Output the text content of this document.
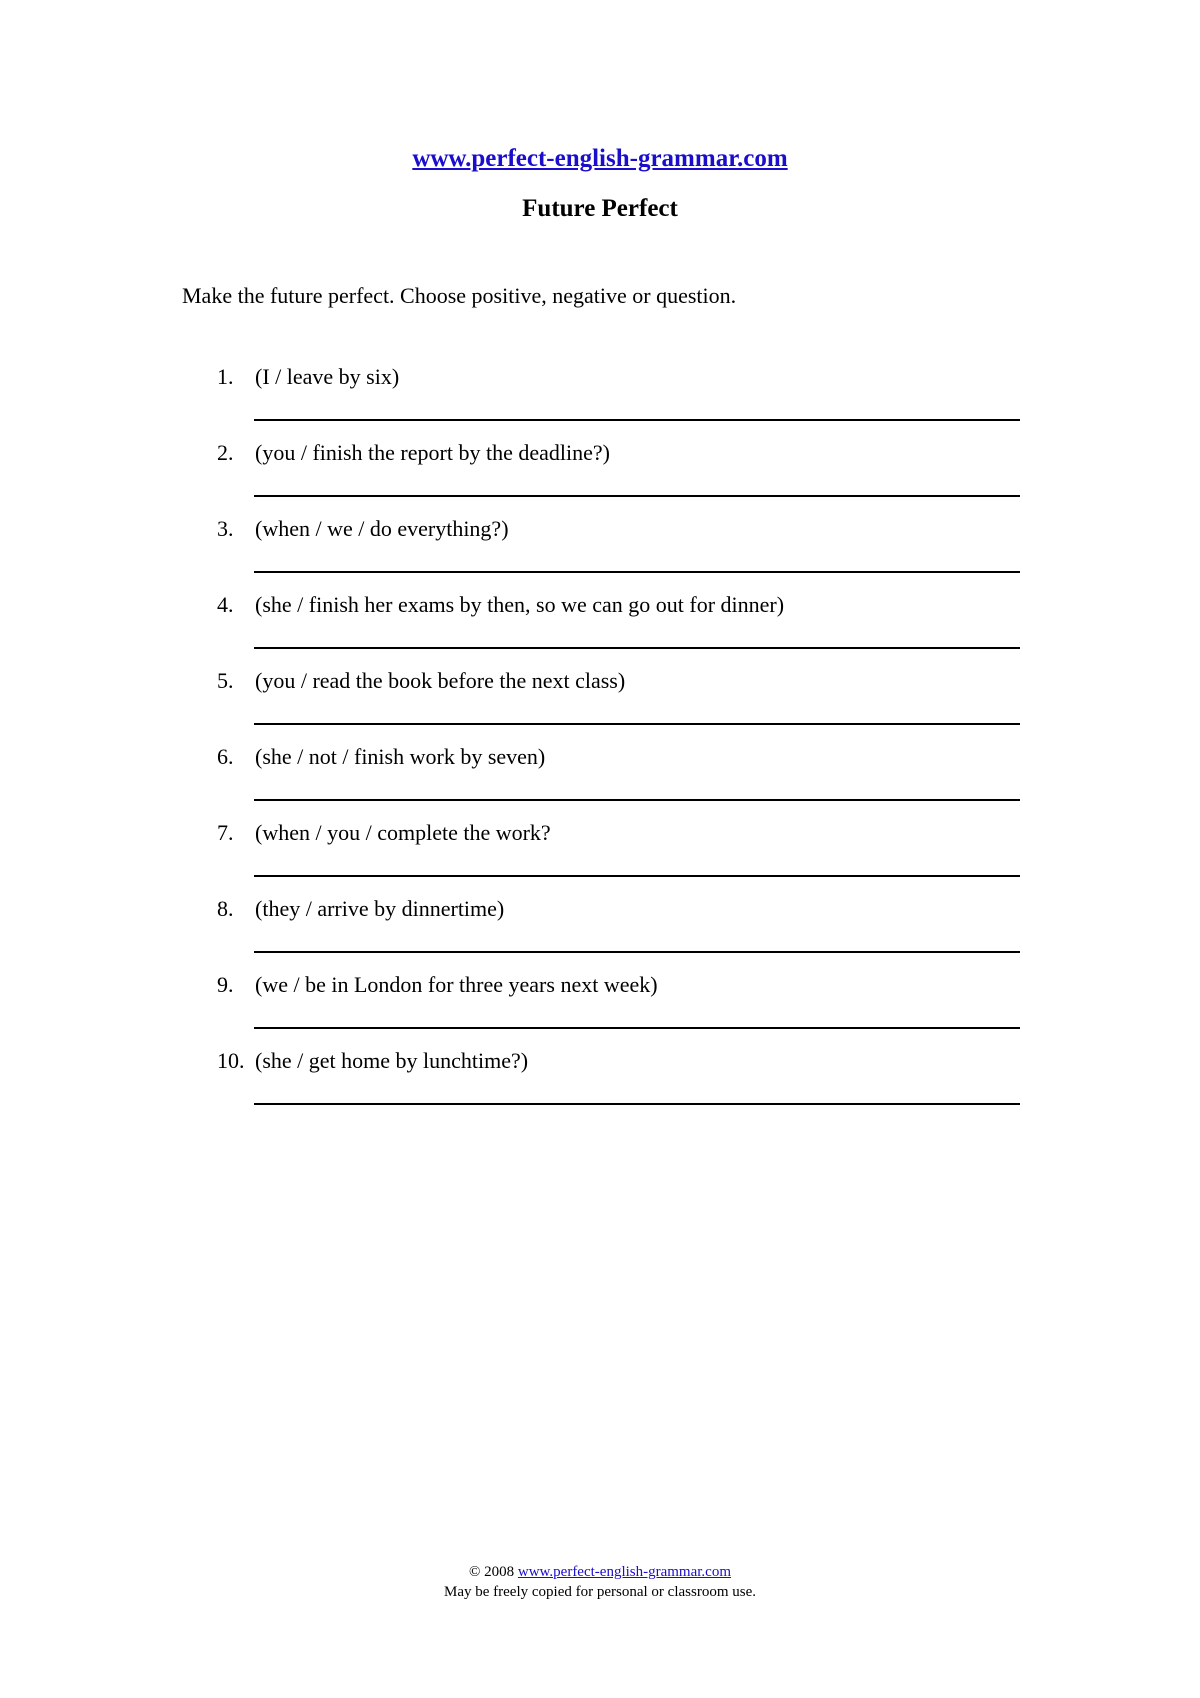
www.perfect-english-grammar.com
Future Perfect
Make the future perfect. Choose positive, negative or question.
1. (I / leave by six)
2. (you / finish the report by the deadline?)
3. (when / we / do everything?)
4. (she / finish her exams by then, so we can go out for dinner)
5. (you / read the book before the next class)
6. (she / not / finish work by seven)
7. (when / you / complete the work?
8. (they / arrive by dinnertime)
9. (we / be in London for three years next week)
10. (she / get home by lunchtime?)
© 2008 www.perfect-english-grammar.com
May be freely copied for personal or classroom use.
